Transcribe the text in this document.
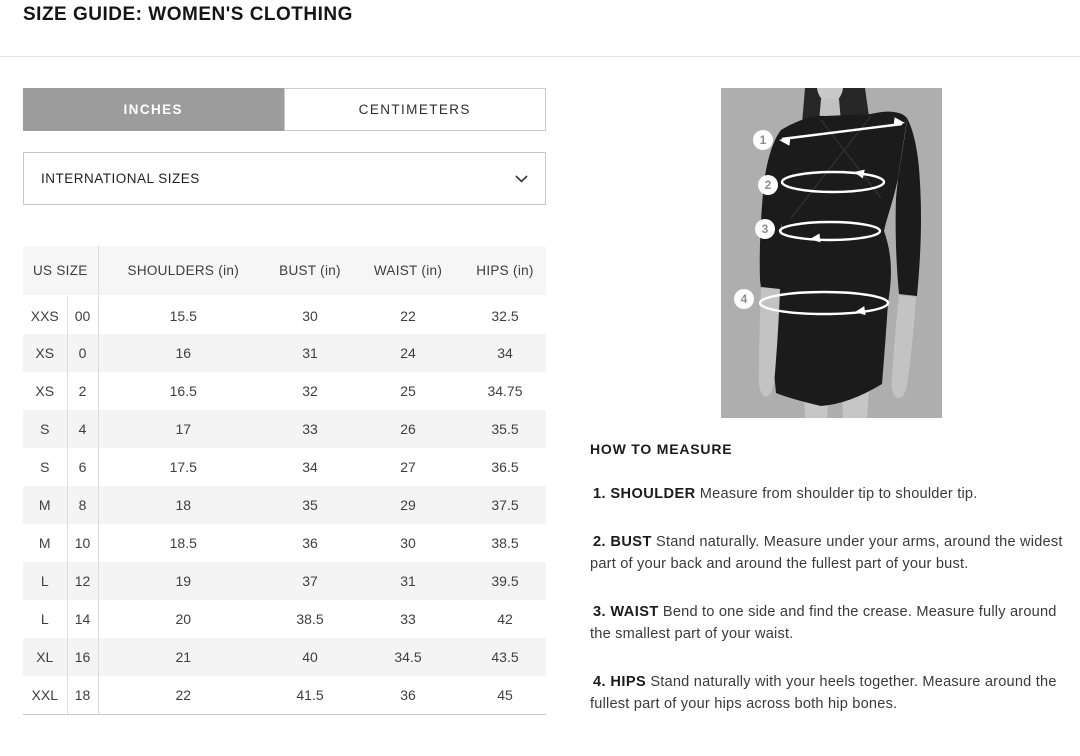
SIZE GUIDE: WOMEN'S CLOTHING
INCHES	CENTIMETERS
INTERNATIONAL SIZES
US SIZE		SHOULDERS (in)	BUST (in)	WAIST (in)	HIPS (in)

XXS	00	15.5	30	22	32.5
XS	0	16	31	24	34
XS	2	16.5	32	25	34.75
S	4	17	33	26	35.5
S	6	17.5	34	27	36.5
M	8	18	35	29	37.5
M	10	18.5	36	30	38.5
L	12	19	37	31	39.5
L	14	20	38.5	33	42
XL	16	21	40	34.5	43.5
XXL	18	22	41.5	36	45
1
2
3
4
HOW TO MEASURE

1. SHOULDER Measure from shoulder tip to shoulder tip.

2. BUST Stand naturally. Measure under your arms, around the widest part of your back and around the fullest part of your bust.

3. WAIST Bend to one side and find the crease. Measure fully around the smallest part of your waist.

4. HIPS Stand naturally with your heels together. Measure around the fullest part of your hips across both hip bones.
